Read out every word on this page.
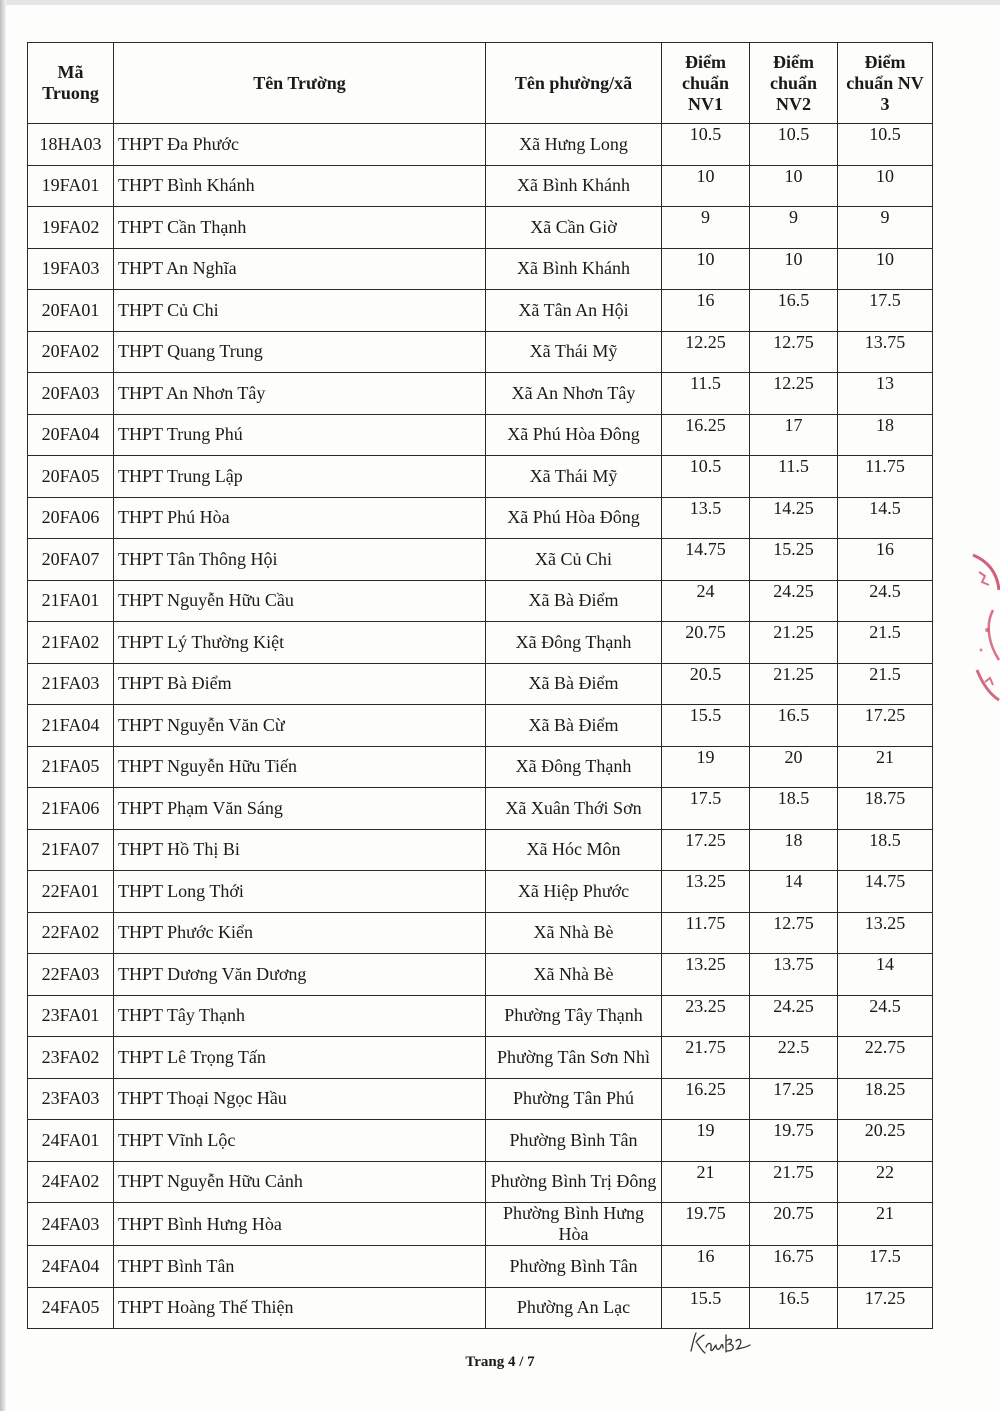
Mã Truong	Tên Trường	Tên phường/xã	Điểm chuẩn NV1	Điểm chuẩn NV2	Điểm chuẩn NV 3
18HA03	THPT Đa Phước	Xã Hưng Long	10.5	10.5	10.5
19FA01	THPT Bình Khánh	Xã Bình Khánh	10	10	10
19FA02	THPT Cần Thạnh	Xã Cần Giờ	9	9	9
19FA03	THPT An Nghĩa	Xã Bình Khánh	10	10	10
20FA01	THPT Củ Chi	Xã Tân An Hội	16	16.5	17.5
20FA02	THPT Quang Trung	Xã Thái Mỹ	12.25	12.75	13.75
20FA03	THPT An Nhơn Tây	Xã An Nhơn Tây	11.5	12.25	13
20FA04	THPT Trung Phú	Xã Phú Hòa Đông	16.25	17	18
20FA05	THPT Trung Lập	Xã Thái Mỹ	10.5	11.5	11.75
20FA06	THPT Phú Hòa	Xã Phú Hòa Đông	13.5	14.25	14.5
20FA07	THPT Tân Thông Hội	Xã Củ Chi	14.75	15.25	16
21FA01	THPT Nguyễn Hữu Cầu	Xã Bà Điểm	24	24.25	24.5
21FA02	THPT Lý Thường Kiệt	Xã Đông Thạnh	20.75	21.25	21.5
21FA03	THPT Bà Điểm	Xã Bà Điểm	20.5	21.25	21.5
21FA04	THPT Nguyễn Văn Cừ	Xã Bà Điểm	15.5	16.5	17.25
21FA05	THPT Nguyễn Hữu Tiến	Xã Đông Thạnh	19	20	21
21FA06	THPT Phạm Văn Sáng	Xã Xuân Thới Sơn	17.5	18.5	18.75
21FA07	THPT Hồ Thị Bi	Xã Hóc Môn	17.25	18	18.5
22FA01	THPT Long Thới	Xã Hiệp Phước	13.25	14	14.75
22FA02	THPT Phước Kiển	Xã Nhà Bè	11.75	12.75	13.25
22FA03	THPT Dương Văn Dương	Xã Nhà Bè	13.25	13.75	14
23FA01	THPT Tây Thạnh	Phường Tây Thạnh	23.25	24.25	24.5
23FA02	THPT Lê Trọng Tấn	Phường Tân Sơn Nhì	21.75	22.5	22.75
23FA03	THPT Thoại Ngọc Hầu	Phường Tân Phú	16.25	17.25	18.25
24FA01	THPT Vĩnh Lộc	Phường Bình Tân	19	19.75	20.25
24FA02	THPT Nguyễn Hữu Cảnh	Phường Bình Trị Đông	21	21.75	22
24FA03	THPT Bình Hưng Hòa	Phường Bình Hưng Hòa	19.75	20.75	21
24FA04	THPT Bình Tân	Phường Bình Tân	16	16.75	17.5
24FA05	THPT Hoàng Thế Thiện	Phường An Lạc	15.5	16.5	17.25
Trang 4 / 7
